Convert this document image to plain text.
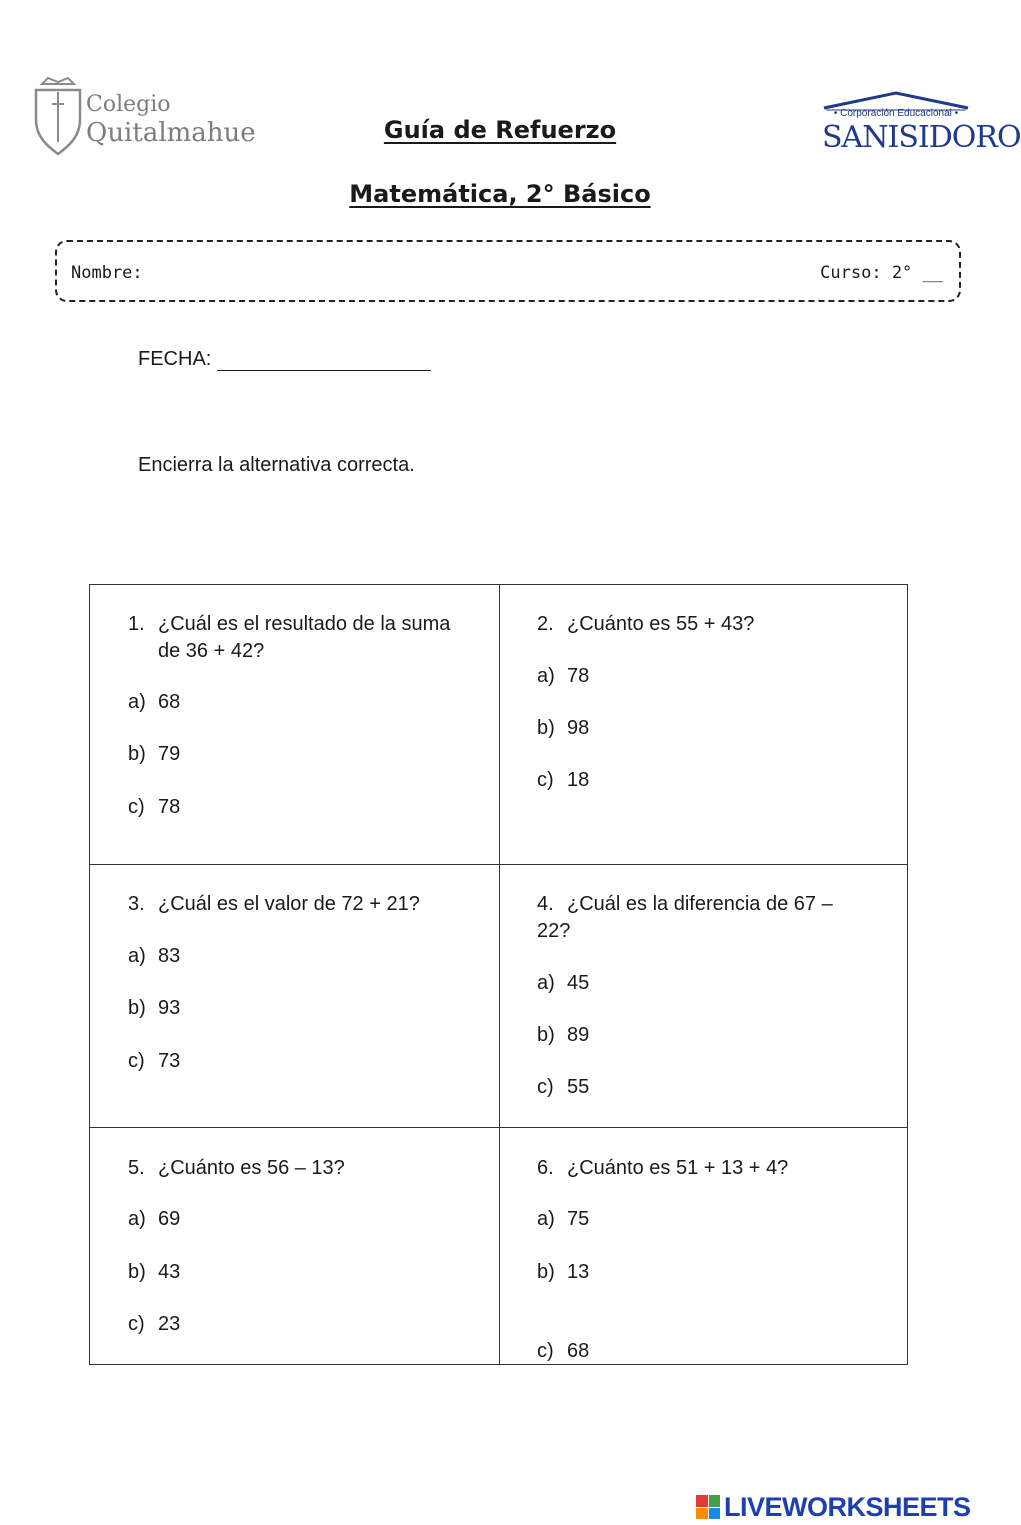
Colegio
Quitalmahue
• Corporación Educacional •
SANISIDORO
Guía de Refuerzo
Matemática, 2° Básico
Nombre:	Curso: 2° __
FECHA:
Encierra la alternativa correcta.
1. ¿Cuál es el resultado de la suma de 36 + 42?
a) 68
b) 79
c) 78
2. ¿Cuánto es 55 + 43?
a) 78
b) 98
c) 18
3. ¿Cuál es el valor de 72 + 21?
a) 83
b) 93
c) 73
4. ¿Cuál es la diferencia de 67 – 22?
a) 45
b) 89
c) 55
5. ¿Cuánto es 56 – 13?
a) 69
b) 43
c) 23
6. ¿Cuánto es 51 + 13 + 4?
a) 75
b) 13
c) 68
LIVEWORKSHEETS
